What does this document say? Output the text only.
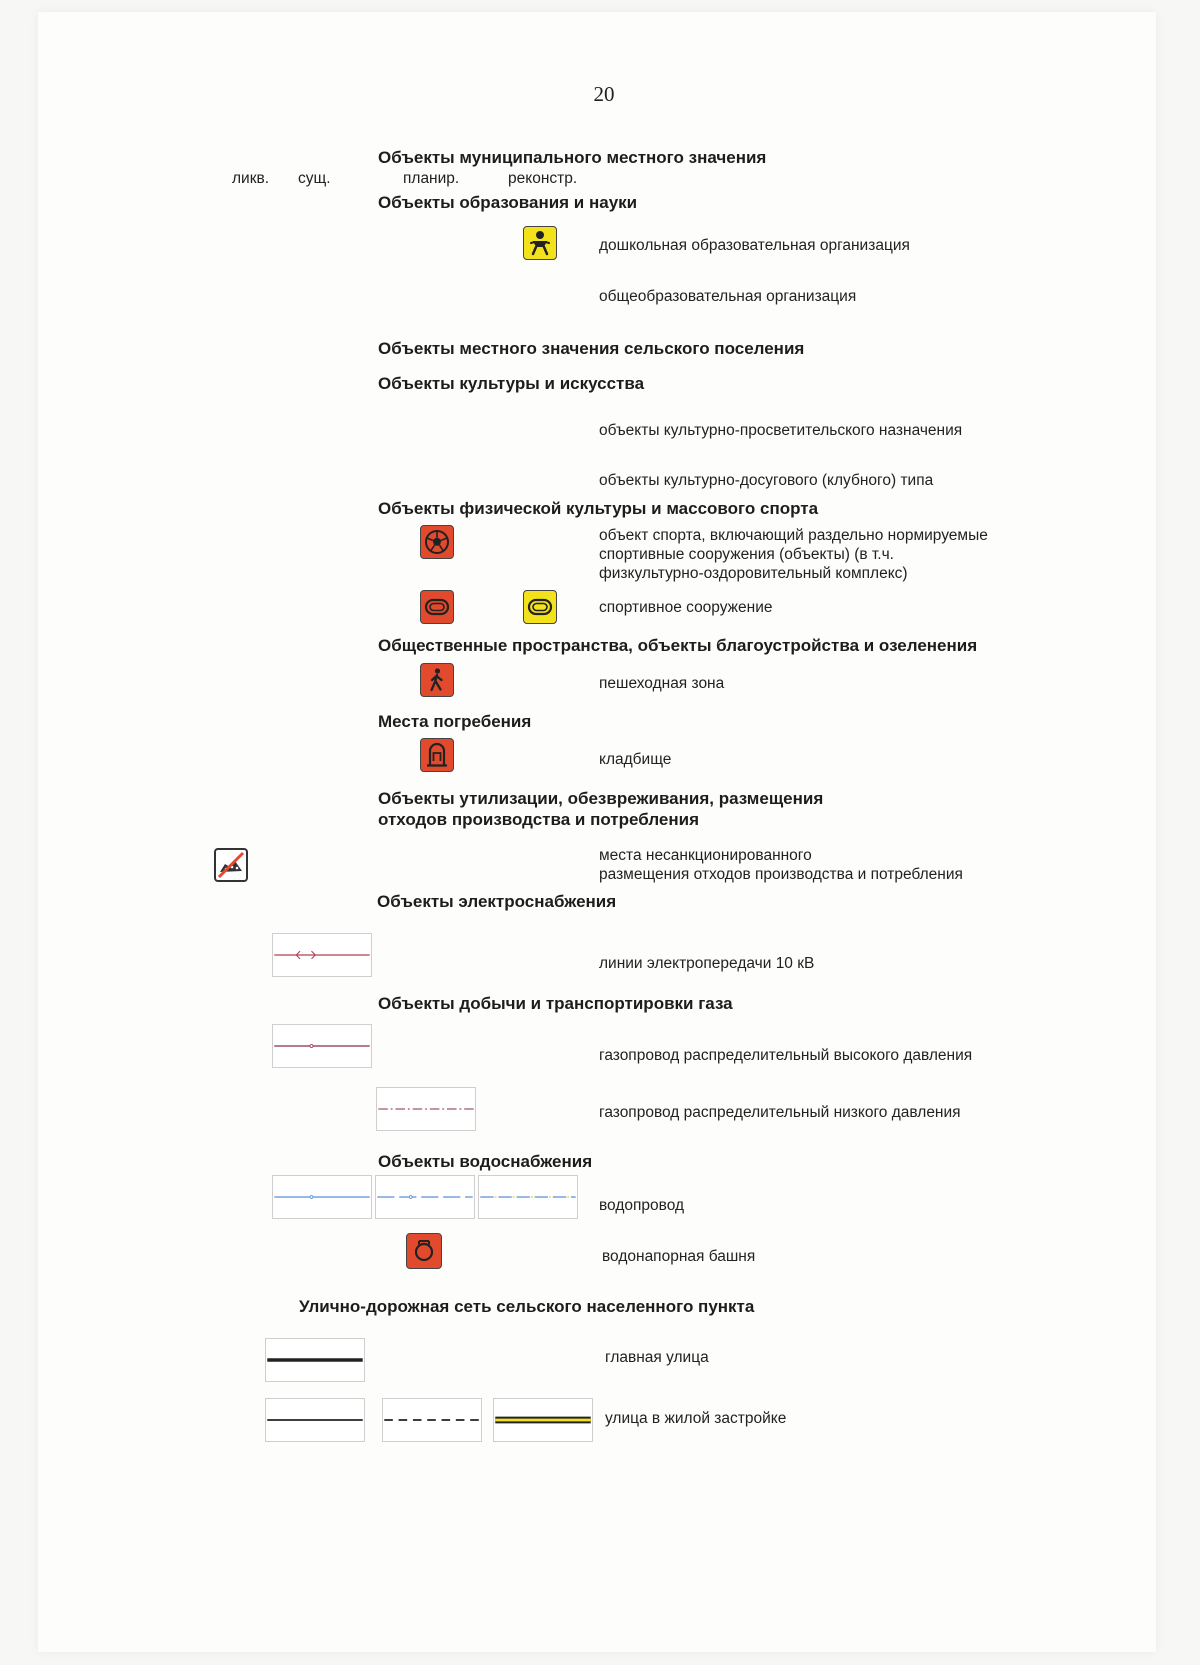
20
ликв. сущ.	планир.	реконстр.
Объекты муниципального местного значения
Объекты образования и науки
дошкольная образовательная организация
общеобразовательная организация
Объекты местного значения сельского поселения
Объекты культуры и искусства
объекты культурно-просветительского назначения
объекты культурно-досугового (клубного) типа
Объекты физической культуры и массового спорта
объект спорта, включающий раздельно нормируемые
спортивные сооружения (объекты) (в т.ч.
физкультурно-оздоровительный комплекс)
спортивное сооружение
Общественные пространства, объекты благоустройства и озеленения
пешеходная зона
Места погребения
кладбище
Объекты утилизации, обезвреживания, размещения
отходов производства и потребления
места несанкционированного
размещения отходов производства и потребления
Объекты электроснабжения
линии электропередачи 10 кВ
Объекты добычи и транспортировки газа
газопровод распределительный высокого давления
газопровод распределительный низкого давления
Объекты водоснабжения
водопровод
водонапорная башня
Улично-дорожная сеть сельского населенного пункта
главная улица
улица в жилой застройке
